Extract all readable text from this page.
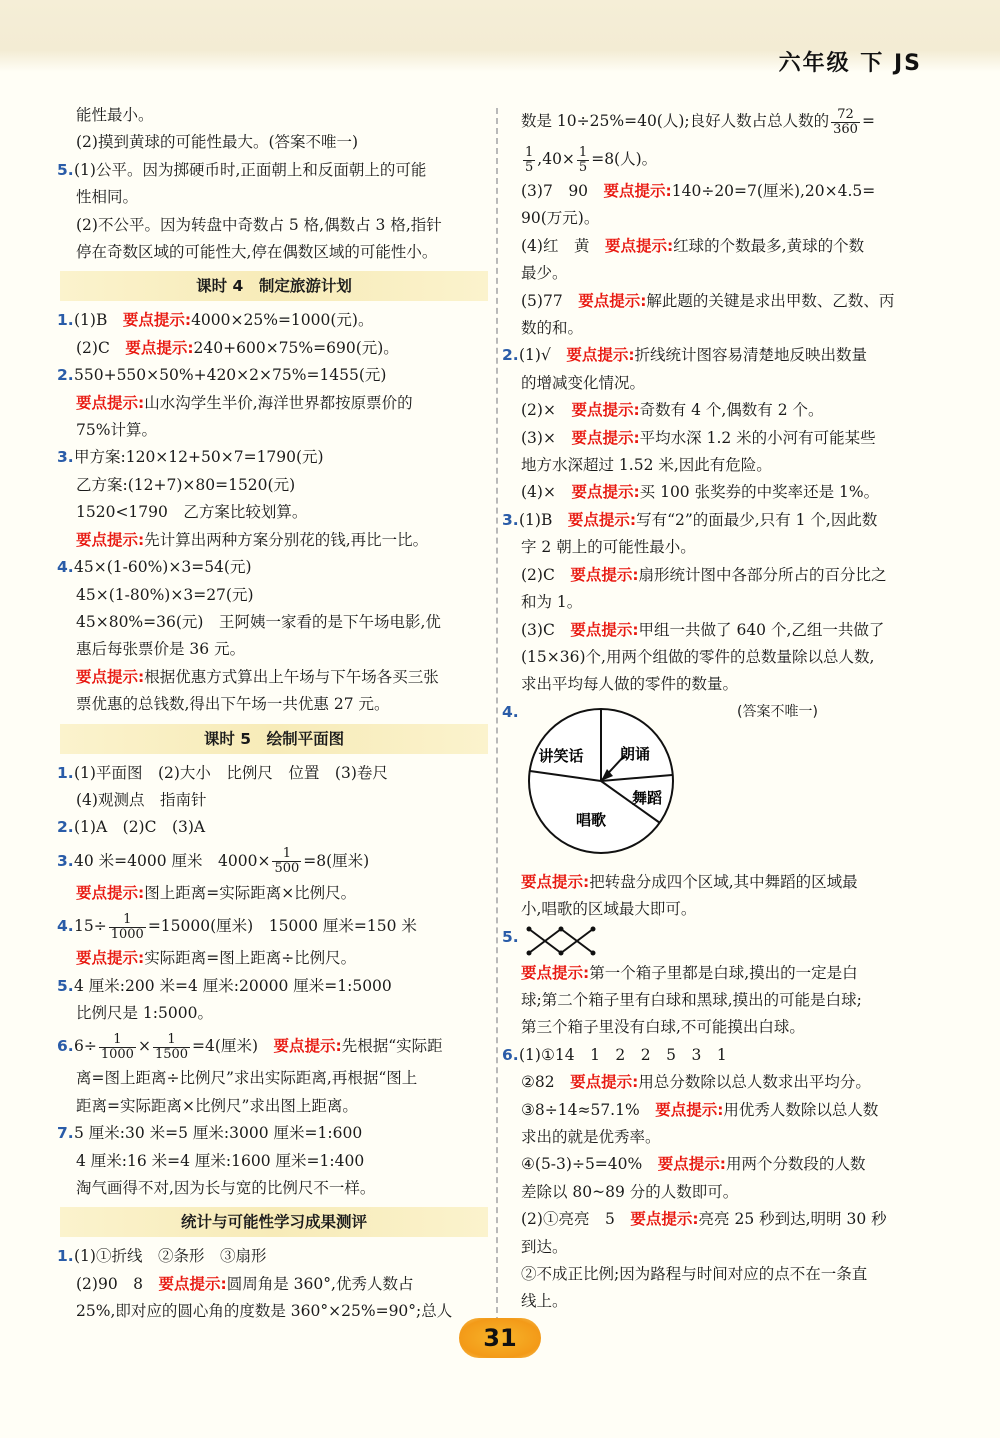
六年级 下 JS
能性最小。
(2)摸到黄球的可能性最大。(答案不唯一)
5. (1)公平。因为掷硬币时,正面朝上和反面朝上的可能
性相同。
(2)不公平。因为转盘中奇数占 5 格,偶数占 3 格,指针
停在奇数区域的可能性大,停在偶数区域的可能性小。
课时 4　制定旅游计划
1. (1)B　要点提示:4000×25%=1000(元)。
(2)C　要点提示:240+600×75%=690(元)。
2. 550+550×50%+420×2×75%=1455(元)
要点提示:山水沟学生半价,海洋世界都按原票价的
75%计算。
3. 甲方案:120×12+50×7=1790(元)
乙方案:(12+7)×80=1520(元)
1520<1790　乙方案比较划算。
要点提示:先计算出两种方案分别花的钱,再比一比。
4. 45×(1-60%)×3=54(元)
45×(1-80%)×3=27(元)
45×80%=36(元)　王阿姨一家看的是下午场电影,优
惠后每张票价是 36 元。
要点提示:根据优惠方式算出上午场与下午场各买三张
票优惠的总钱数,得出下午场一共优惠 27 元。
课时 5　绘制平面图
1. (1)平面图　(2)大小　比例尺　位置　(3)卷尺
(4)观测点　指南针
2. (1)A　(2)C　(3)A
3. 40 米=4000 厘米　$4000\times \frac{1}{500} =8$(厘米)
要点提示:图上距离=实际距离×比例尺。
4. $15\div \frac{1}{1000} =15000$(厘米)　15000 厘米=150 米
要点提示:实际距离=图上距离÷比例尺。
5. 4 厘米:200 米=4 厘米:20000 厘米=1:5000
比例尺是 1:5000。
6. $6\div \frac{1}{1000} \times \frac{1}{1500} =4$(厘米)　要点提示:先根据“实际距
离=图上距离÷比例尺”求出实际距离,再根据“图上
距离=实际距离×比例尺”求出图上距离。
7. 5 厘米:30 米=5 厘米:3000 厘米=1:600
4 厘米:16 米=4 厘米:1600 厘米=1:400
淘气画得不对,因为长与宽的比例尺不一样。
统计与可能性学习成果测评
1. (1)①折线　②条形　③扇形
(2)90　8　要点提示:圆周角是 360°,优秀人数占
25%,即对应的圆心角的度数是 360°×25%=90°;总人
数是 10÷25%=40(人);良好人数占总人数的 $\frac{72}{360}$ =
$\frac{1}{5} ,40\times \frac{1}{5} =8$(人)。
(3)7　90　要点提示:140÷20=7(厘米),20×4.5=
90(万元)。
(4)红　黄　要点提示:红球的个数最多,黄球的个数
最少。
(5)77　要点提示:解此题的关键是求出甲数、乙数、丙
数的和。
2. (1)√　要点提示:折线统计图容易清楚地反映出数量
的增减变化情况。
(2)×　要点提示:奇数有 4 个,偶数有 2 个。
(3)×　要点提示:平均水深 1.2 米的小河有可能某些
地方水深超过 1.52 米,因此有危险。
(4)×　要点提示:买 100 张奖券的中奖率还是 1%。
3. (1)B　要点提示:写有“2”的面最少,只有 1 个,因此数
字 2 朝上的可能性最小。
(2)C　要点提示:扇形统计图中各部分所占的百分比之
和为 1。
(3)C　要点提示:甲组一共做了 640 个,乙组一共做了
(15×36)个,用两个组做的零件的总数量除以总人数,
求出平均每人做的零件的数量。
4.	(答案不唯一)
讲笑话 朗诵
舞蹈
唱歌
要点提示:把转盘分成四个区域,其中舞蹈的区域最
小,唱歌的区域最大即可。
5.
要点提示:第一个箱子里都是白球,摸出的一定是白
球;第二个箱子里有白球和黑球,摸出的可能是白球;
第三个箱子里没有白球,不可能摸出白球。
6. (1)①14　1　2　2　5　3　1
②82　要点提示:用总分数除以总人数求出平均分。
③8÷14≈57.1%　要点提示:用优秀人数除以总人数
求出的就是优秀率。
④(5-3)÷5=40%　要点提示:用两个分数段的人数
差除以 80~89 分的人数即可。
(2)①亮亮　5　要点提示:亮亮 25 秒到达,明明 30 秒
到达。
②不成正比例;因为路程与时间对应的点不在一条直
线上。
31
